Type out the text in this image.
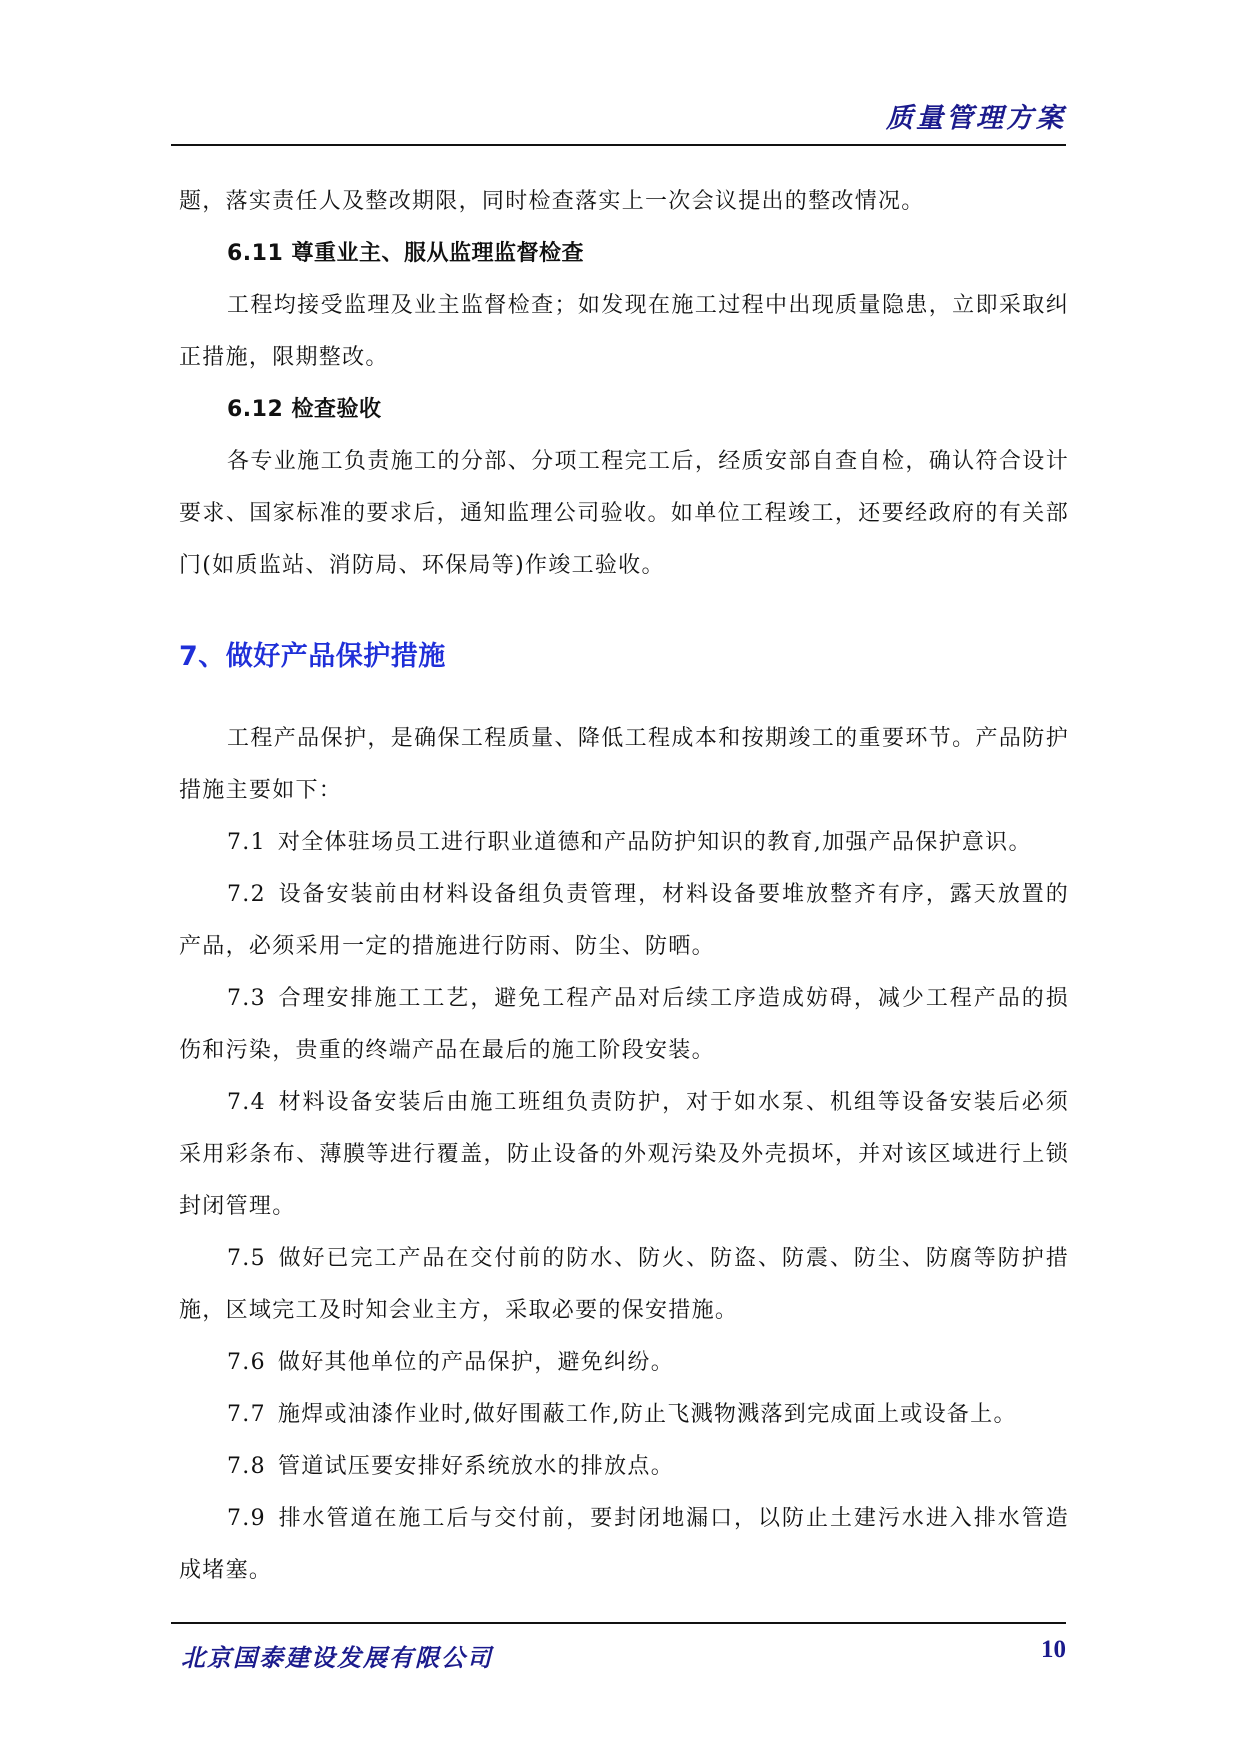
质量管理方案

题，落实责任人及整改期限，同时检查落实上一次会议提出的整改情况。

6.11 尊重业主、服从监理监督检查

工程均接受监理及业主监督检查；如发现在施工过程中出现质量隐患，立即采取纠正措施，限期整改。

6.12 检查验收

各专业施工负责施工的分部、分项工程完工后，经质安部自查自检，确认符合设计要求、国家标准的要求后，通知监理公司验收。如单位工程竣工，还要经政府的有关部门(如质监站、消防局、环保局等)作竣工验收。

7、做好产品保护措施

工程产品保护，是确保工程质量、降低工程成本和按期竣工的重要环节。产品防护措施主要如下：

7.1 对全体驻场员工进行职业道德和产品防护知识的教育,加强产品保护意识。

7.2 设备安装前由材料设备组负责管理，材料设备要堆放整齐有序，露天放置的产品，必须采用一定的措施进行防雨、防尘、防晒。

7.3 合理安排施工工艺，避免工程产品对后续工序造成妨碍，减少工程产品的损伤和污染，贵重的终端产品在最后的施工阶段安装。

7.4 材料设备安装后由施工班组负责防护，对于如水泵、机组等设备安装后必须采用彩条布、薄膜等进行覆盖，防止设备的外观污染及外壳损坏，并对该区域进行上锁封闭管理。

7.5 做好已完工产品在交付前的防水、防火、防盗、防震、防尘、防腐等防护措施，区域完工及时知会业主方，采取必要的保安措施。

7.6 做好其他单位的产品保护，避免纠纷。

7.7 施焊或油漆作业时,做好围蔽工作,防止飞溅物溅落到完成面上或设备上。

7.8 管道试压要安排好系统放水的排放点。

7.9 排水管道在施工后与交付前，要封闭地漏口，以防止土建污水进入排水管造成堵塞。

北京国泰建设发展有限公司	10
